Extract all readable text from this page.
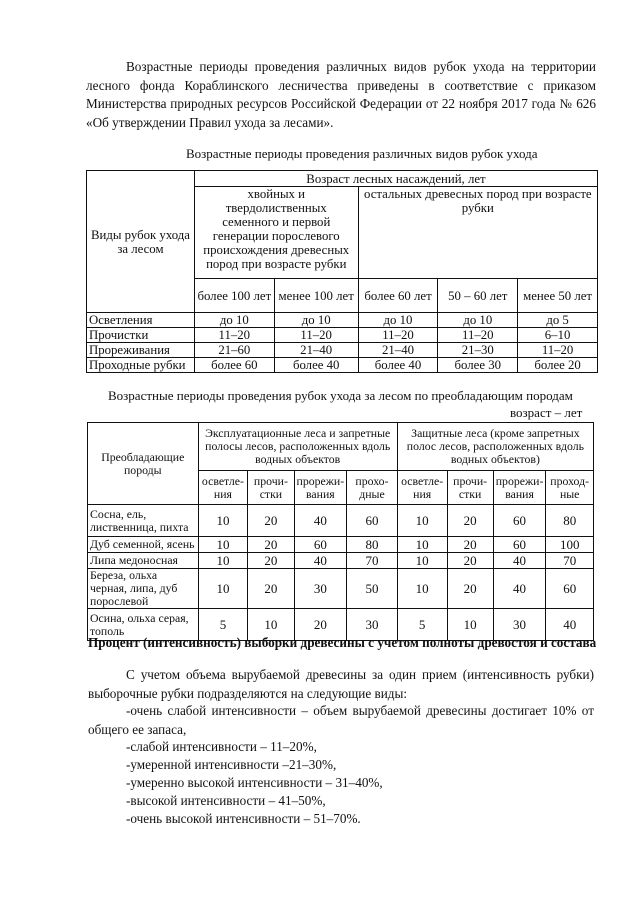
Возрастные периоды проведения различных видов рубок ухода на территории лесного фонда Кораблинского лесничества приведены в соответствие с приказом Министерства природных ресурсов Российской Федерации от 22 ноября 2017 года № 626 «Об утверждении Правил ухода за лесами».
Возрастные периоды проведения различных видов рубок ухода
Виды рубок ухода за лесом	Возраст лесных насаждений, лет				
	хвойных и твердолиственных семенного и первой генерации порослевого происхождения древесных пород при возрасте рубки		остальных древесных пород при возрасте рубки		
	более 100 лет	менее 100 лет	более 60 лет	50 – 60 лет	менее 50 лет
Осветления	до 10	до 10	до 10	до 10	до 5
Прочистки	11–20	11–20	11–20	11–20	6–10
Прореживания	21–60	21–40	21–40	21–30	11–20
Проходные рубки	более 60	более 40	более 40	более 30	более 20
Возрастные периоды проведения рубок ухода за лесом по преобладающим породам
возраст – лет
Преобладающие породы	Эксплуатационные леса и запретные полосы лесов, расположенных вдоль водных объектов				Защитные леса (кроме запретных полос лесов, расположенных вдоль водных объектов)			
	осветле-ния	прочи-стки	прорежи-вания	прохо-дные	осветле-ния	прочи-стки	прорежи-вания	проход-ные
Сосна, ель, лиственница, пихта	10	20	40	60	10	20	60	80
Дуб семенной, ясень	10	20	60	80	10	20	60	100
Липа медоносная	10	20	40	70	10	20	40	70
Береза, ольха черная, липа, дуб порослевой	10	20	30	50	10	20	40	60
Осина, ольха серая, тополь	5	10	20	30	5	10	30	40
Процент (интенсивность) выборки древесины с учетом полноты древостоя и состава
С учетом объема вырубаемой древесины за один прием (интенсивность рубки) выборочные рубки подразделяются на следующие виды:
-очень слабой интенсивности – объем вырубаемой древесины достигает 10% от общего ее запаса,
-слабой интенсивности – 11–20%,
-умеренной интенсивности –21–30%,
-умеренно высокой интенсивности – 31–40%,
-высокой интенсивности – 41–50%,
-очень высокой интенсивности – 51–70%.
